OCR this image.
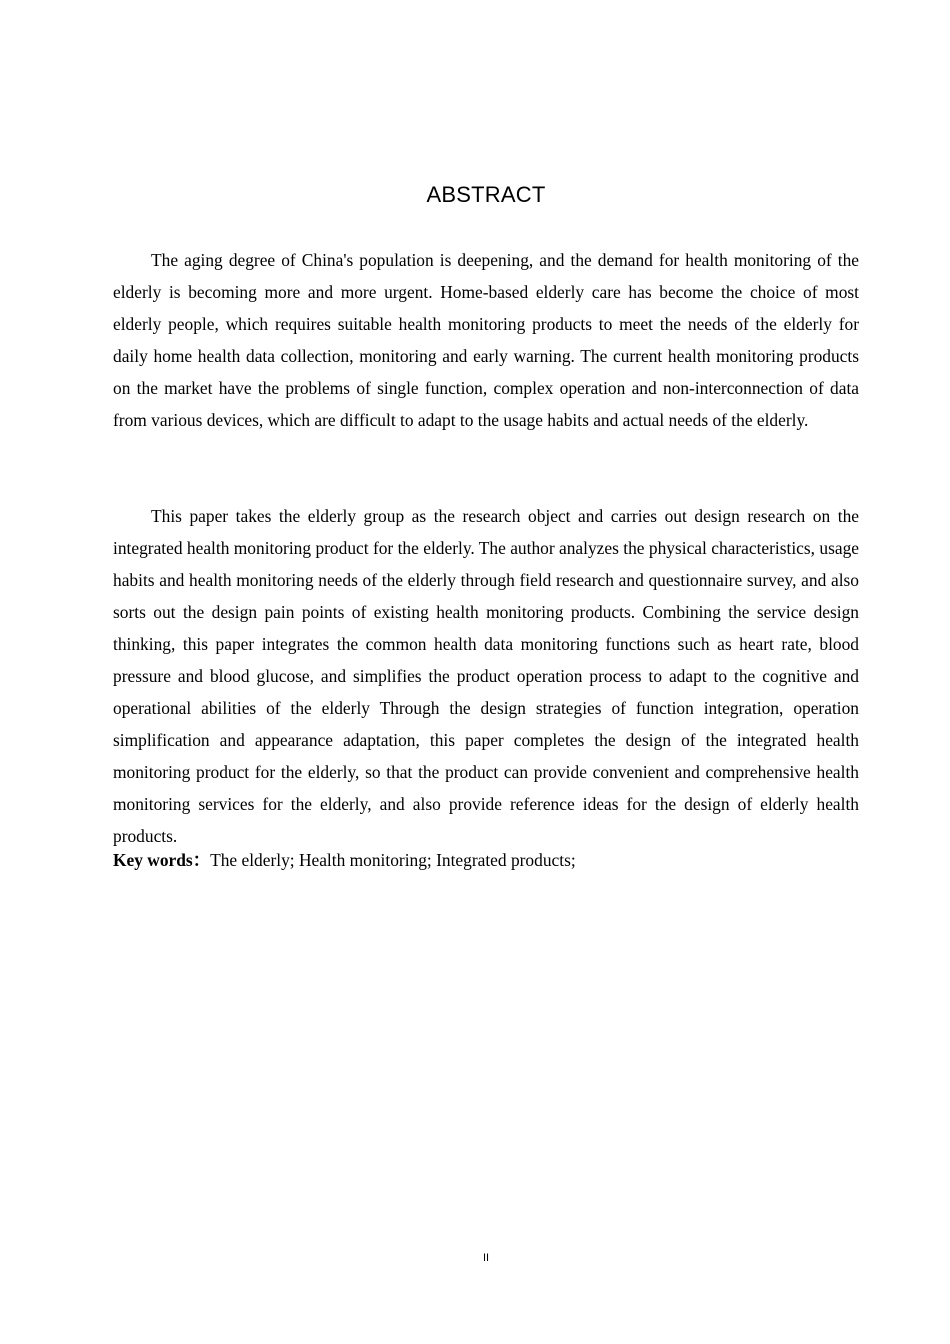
ABSTRACT

The aging degree of China's population is deepening, and the demand for health monitoring of the elderly is becoming more and more urgent. Home-based elderly care has become the choice of most elderly people, which requires suitable health monitoring products to meet the needs of the elderly for daily home health data collection, monitoring and early warning. The current health monitoring products on the market have the problems of single function, complex operation and non-interconnection of data from various devices, which are difficult to adapt to the usage habits and actual needs of the elderly.

This paper takes the elderly group as the research object and carries out design research on the integrated health monitoring product for the elderly. The author analyzes the physical characteristics, usage habits and health monitoring needs of the elderly through field research and questionnaire survey, and also sorts out the design pain points of existing health monitoring products. Combining the service design thinking, this paper integrates the common health data monitoring functions such as heart rate, blood pressure and blood glucose, and simplifies the product operation process to adapt to the cognitive and operational abilities of the elderly Through the design strategies of function integration, operation simplification and appearance adaptation, this paper completes the design of the integrated health monitoring product for the elderly, so that the product can provide convenient and comprehensive health monitoring services for the elderly, and also provide reference ideas for the design of elderly health products.

Key words：The elderly; Health monitoring; Integrated products;
II
